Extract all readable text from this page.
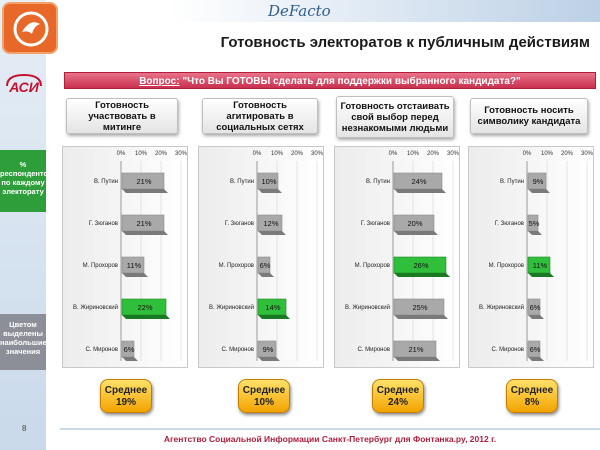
АСИ
% респондентов, по каждому электорату
Цветом выделены наибольшие значения
8
DeFacto
Готовность электоратов к публичным действиям
Вопрос: "Что Вы ГОТОВЫ сделать для поддержки выбранного кандидата?"
Готовность участвовать в митинге
Готовность агитировать в социальных сетях
Готовность отстаивать свой выбор перед незнакомыми людьми
Готовность носить символику кандидата
0% 10% 20% 30%
В. Путин 21%
Г. Зюганов 21%
М. Прохоров 11%
В. Жириновский	22%
С. Миронов 6%
0% 10% 20% 30%
В. Путин 10%
Г. Зюганов 12%
М. Прохоров 6%
В. Жириновский 14%
С. Миронов 9%
0% 10% 20% 30%
В. Путин	24%
Г. Зюганов 20%
М. Прохоров	26%
В. Жириновский	25%
С. Миронов 21%
0% 10% 20% 30%
В. Путин 9%
Г. Зюганов 5%
М. Прохоров 11%
В. Жириновский 6%
С. Миронов 6%
Среднее
19%
Среднее
10%
Среднее
24%
Среднее
8%
Агентство Социальной Информации Санкт-Петербург для Фонтанка.ру, 2012 г.
